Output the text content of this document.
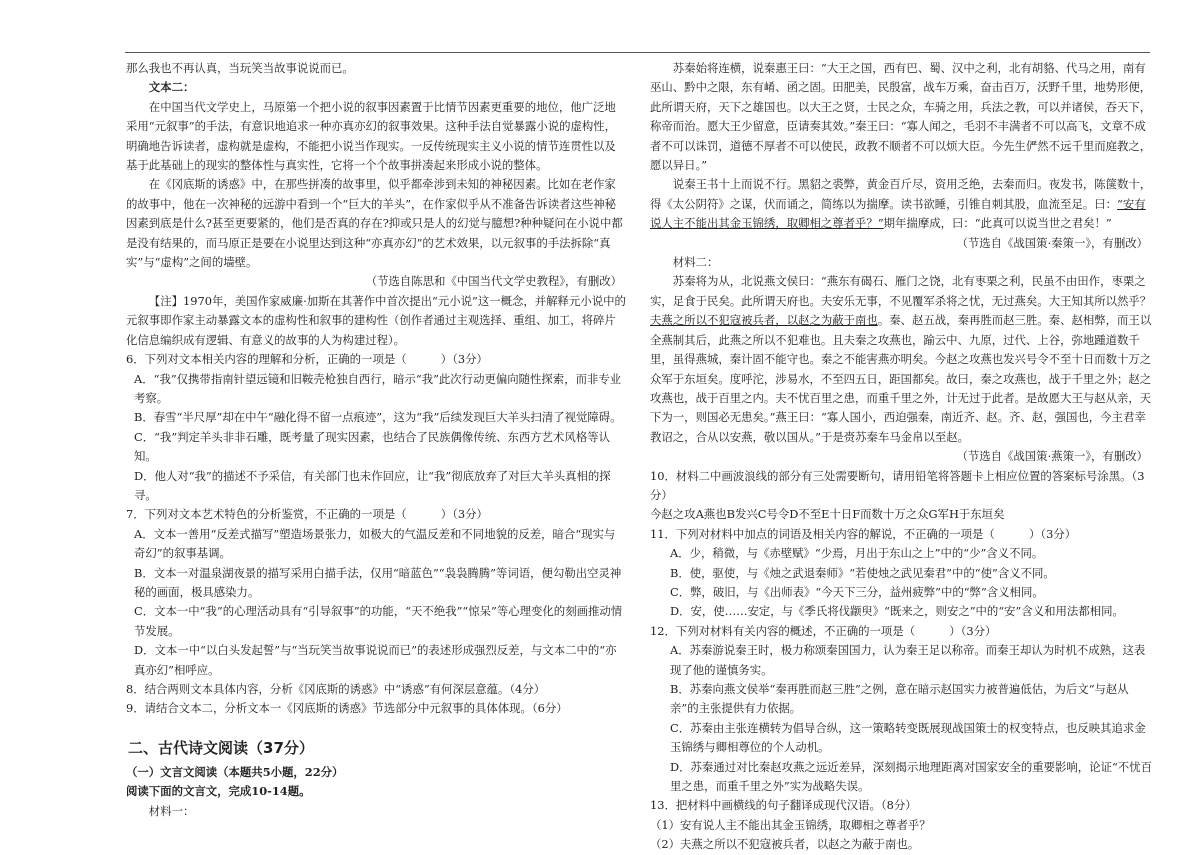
那么我也不再认真，当玩笑当故事说说而已。

文本二：

在中国当代文学史上，马原第一个把小说的叙事因素置于比情节因素更重要的地位，他广泛地采用“元叙事”的手法，有意识地追求一种亦真亦幻的叙事效果。这种手法自觉暴露小说的虚构性，明确地告诉读者，虚构就是虚构，不能把小说当作现实。一反传统现实主义小说的情节连贯性以及基于此基础上的现实的整体性与真实性，它将一个个故事拼凑起来形成小说的整体。

在《冈底斯的诱惑》中，在那些拼凑的故事里，似乎都牵涉到未知的神秘因素。比如在老作家的故事中，他在一次神秘的远游中看到一个“巨大的羊头”，在作家似乎从不准备告诉读者这些神秘因素到底是什么?甚至更要紧的，他们是否真的存在?抑或只是人的幻觉与臆想?种种疑问在小说中都是没有结果的，而马原正是要在小说里达到这种“亦真亦幻”的艺术效果，以元叙事的手法拆除“真实”与“虚构”之间的墙壁。

（节选自陈思和《中国当代文学史教程》，有删改）

【注】1970年，美国作家威廉·加斯在其著作中首次提出“元小说”这一概念，并解释元小说中的元叙事即作家主动暴露文本的虚构性和叙事的建构性（创作者通过主观选择、重组、加工，将碎片化信息编织成有逻辑、有意义的故事的人为构建过程）。

6．下列对文本相关内容的理解和分析，正确的一项是（　　　）（3分）

A．“我”仅携带指南针望远镜和旧鞍壳枪独自西行，暗示“我”此次行动更偏向随性探索，而非专业考察。

B．春雪“半尺厚”却在中午“融化得不留一点痕迹”，这为“我”后续发现巨大羊头扫清了视觉障碍。

C．“我”判定羊头非非石雕，既考量了现实因素，也结合了民族偶像传统、东西方艺术风格等认知。

D．他人对“我”的描述不予采信，有关部门也未作回应，让“我”彻底放弃了对巨大羊头真相的探寻。

7．下列对文本艺术特色的分析鉴赏，不正确的一项是（　　　）（3分）

A．文本一善用“反差式描写”塑造场景张力，如极大的气温反差和不同地貌的反差，暗合“现实与奇幻”的叙事基调。

B．文本一对温泉湖夜景的描写采用白描手法，仅用“暗蓝色”“袅袅腾腾”等词语，便勾勒出空灵神秘的画面，极具感染力。

C．文本一中“我”的心理活动具有“引导叙事”的功能，“天不绝我”“惊呆”等心理变化的刻画推动情节发展。

D．文本一中“以白头发起誓”与“当玩笑当故事说说而已”的表述形成强烈反差，与文本二中的“亦真亦幻”相呼应。

8．结合两则文本具体内容，分析《冈底斯的诱惑》中“诱惑”有何深层意蕴。（4分）

9．请结合文本二，分析文本一《冈底斯的诱惑》节选部分中元叙事的具体体现。（6分）

二、古代诗文阅读（37分）

（一）文言文阅读（本题共5小题，22分）

阅读下面的文言文，完成10-14题。

材料一：

苏秦始将连横，说秦惠王曰：“大王之国，西有巴、蜀、汉中之利，北有胡貉、代马之用，南有巫山、黔中之限，东有崤、函之固。田肥美，民殷富，战车万乘，奋击百万，沃野千里，地势形便，此所谓天府，天下之雄国也。以大王之贤，士民之众，车骑之用，兵法之教，可以并诸侯，吞天下，称帝而治。愿大王少留意，臣请奏其效。”秦王曰：“寡人闻之，毛羽不丰满者不可以高飞，文章不成者不可以诛罚，道德不厚者不可以使民，政教不顺者不可以烦大臣。今先生俨然不远千里而庭教之，愿以异日。”

说秦王书十上而说不行。黑貂之裘弊，黄金百斤尽，资用乏绝，去秦而归。夜发书，陈箧数十，得《太公阴符》之谋，伏而诵之，简练以为揣摩。读书欲睡，引锥自刺其股，血流至足。曰：“安有说人主不能出其金玉锦绣，取卿相之尊者乎？”期年揣摩成，曰：“此真可以说当世之君矣！”

（节选自《战国策·秦策一》，有删改）

材料二：

苏秦将为从，北说燕文侯曰：“燕东有碣石、雁门之饶，北有枣栗之利，民虽不由田作，枣栗之实，足食于民矣。此所谓天府也。夫安乐无事，不见覆军杀将之忧，无过燕矣。大王知其所以然乎？夫燕之所以不犯寇被兵者，以赵之为蔽于南也。秦、赵五战，秦再胜而赵三胜。秦、赵相弊，而王以全燕制其后，此燕之所以不犯难也。且夫秦之攻燕也，踰云中、九原，过代、上谷，弥地踵道数千里，虽得燕城，秦计固不能守也。秦之不能害燕亦明矣。今赵之攻燕也发兴号令不至十日而数十万之众军于东垣矣。度呼沱，涉易水，不至四五日，距国都矣。故曰，秦之攻燕也，战于千里之外；赵之攻燕也，战于百里之内。夫不忧百里之患，而重千里之外，计无过于此者。是故愿大王与赵从亲，天下为一，则国必无患矣。”燕王曰：“寡人国小，西迫强秦，南近齐、赵。齐、赵，强国也，今主君幸教诏之，合从以安燕，敬以国从。”于是赍苏秦车马金帛以至赵。

（节选自《战国策·燕策一》，有删改）

10．材料二中画波浪线的部分有三处需要断句，请用铅笔将答题卡上相应位置的答案标号涂黑。（3分）

今赵之攻A燕也B发兴C号令D不至E十日F而数十万之众G军H于东垣矣

11．下列对材料中加点的词语及相关内容的解说，不正确的一项是（　　　）（3分）

A．少，稍微，与《赤壁赋》“少焉，月出于东山之上”中的“少”含义不同。

B．使，驱使，与《烛之武退秦师》“若使烛之武见秦君”中的“使”含义不同。

C．弊，破旧，与《出师表》“今天下三分，益州疲弊”中的“弊”含义相同。

D．安，使……安定，与《季氏将伐颛臾》“既来之，则安之”中的“安”含义和用法都相同。

12．下列对材料有关内容的概述，不正确的一项是（　　　）（3分）

A．苏秦游说秦王时，极力称颂秦国国力，认为秦王足以称帝。而秦王却认为时机不成熟，这表现了他的谨慎务实。

B．苏秦向燕文侯举“秦再胜而赵三胜”之例，意在暗示赵国实力被普遍低估，为后文“与赵从亲”的主张提供有力依据。

C．苏秦由主张连横转为倡导合纵，这一策略转变既展现战国策士的权变特点，也反映其追求金玉锦绣与卿相尊位的个人动机。

D．苏秦通过对比秦赵攻燕之远近差异，深刻揭示地理距离对国家安全的重要影响，论证“不忧百里之患，而重千里之外”实为战略失误。

13．把材料中画横线的句子翻译成现代汉语。（8分）

（1）安有说人主不能出其金玉锦绣，取卿相之尊者乎？

（2）夫燕之所以不犯寇被兵者，以赵之为蔽于南也。
